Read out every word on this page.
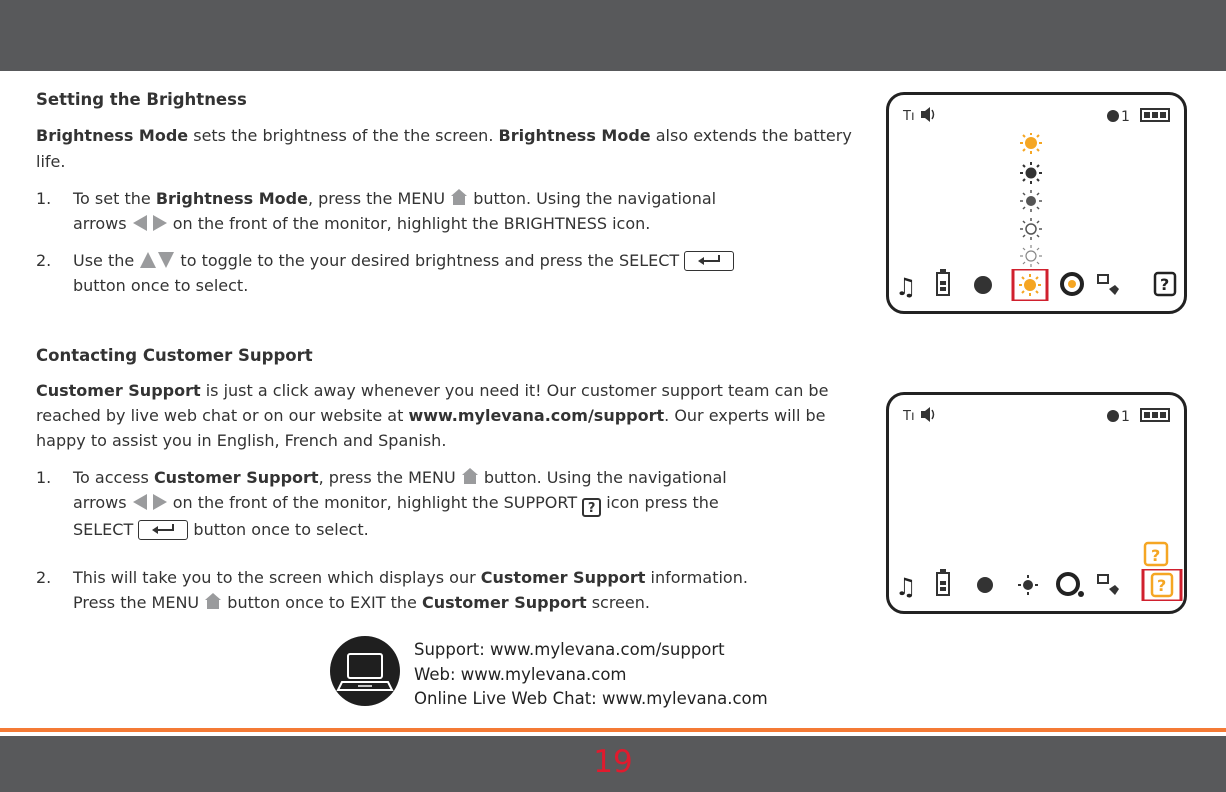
Setting the Brightness
Brightness Mode sets the brightness of the the screen. Brightness Mode also extends the battery life.
1. To set the Brightness Mode, press the MENU  button. Using the navigational
arrows  on the front of the monitor, highlight the BRIGHTNESS icon.
2. Use the  to toggle to the your desired brightness and press the SELECT

button once to select.
Tı	1
♫	?
Contacting Customer Support
Customer Support is just a click away whenever you need it! Our customer support team can be reached by live web chat or on our website at www.mylevana.com/support. Our experts will be happy to assist you in English, French and Spanish.
1. To access Customer Support, press the MENU  button. Using the navigational
arrows  on the front of the monitor, highlight the SUPPORT ? icon press the
SELECT	button once to select.
2. This will take you to the screen which displays our Customer Support information.
Press the MENU  button once to EXIT the Customer Support screen.
Tı	1
?
♫	?
Support: www.mylevana.com/support
Web: www.mylevana.com
Online Live Web Chat: www.mylevana.com
19
